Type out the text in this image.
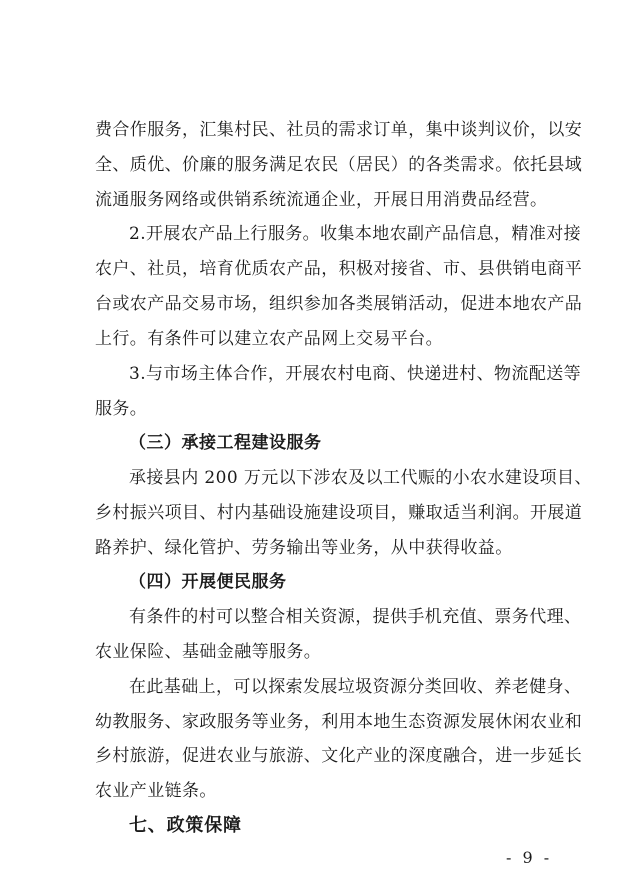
费合作服务，汇集村民、社员的需求订单，集中谈判议价，以安
全、质优、价廉的服务满足农民（居民）的各类需求。依托县域
流通服务网络或供销系统流通企业，开展日用消费品经营。
2.开展农产品上行服务。收集本地农副产品信息，精准对接
农户、社员，培育优质农产品，积极对接省、市、县供销电商平
台或农产品交易市场，组织参加各类展销活动，促进本地农产品
上行。有条件可以建立农产品网上交易平台。
3.与市场主体合作，开展农村电商、快递进村、物流配送等
服务。
（三）承接工程建设服务
承接县内 200 万元以下涉农及以工代赈的小农水建设项目、
乡村振兴项目、村内基础设施建设项目，赚取适当利润。开展道
路养护、绿化管护、劳务输出等业务，从中获得收益。
（四）开展便民服务
有条件的村可以整合相关资源，提供手机充值、票务代理、
农业保险、基础金融等服务。
在此基础上，可以探索发展垃圾资源分类回收、养老健身、
幼教服务、家政服务等业务，利用本地生态资源发展休闲农业和
乡村旅游，促进农业与旅游、文化产业的深度融合，进一步延长
农业产业链条。
七、政策保障
- 9 -
